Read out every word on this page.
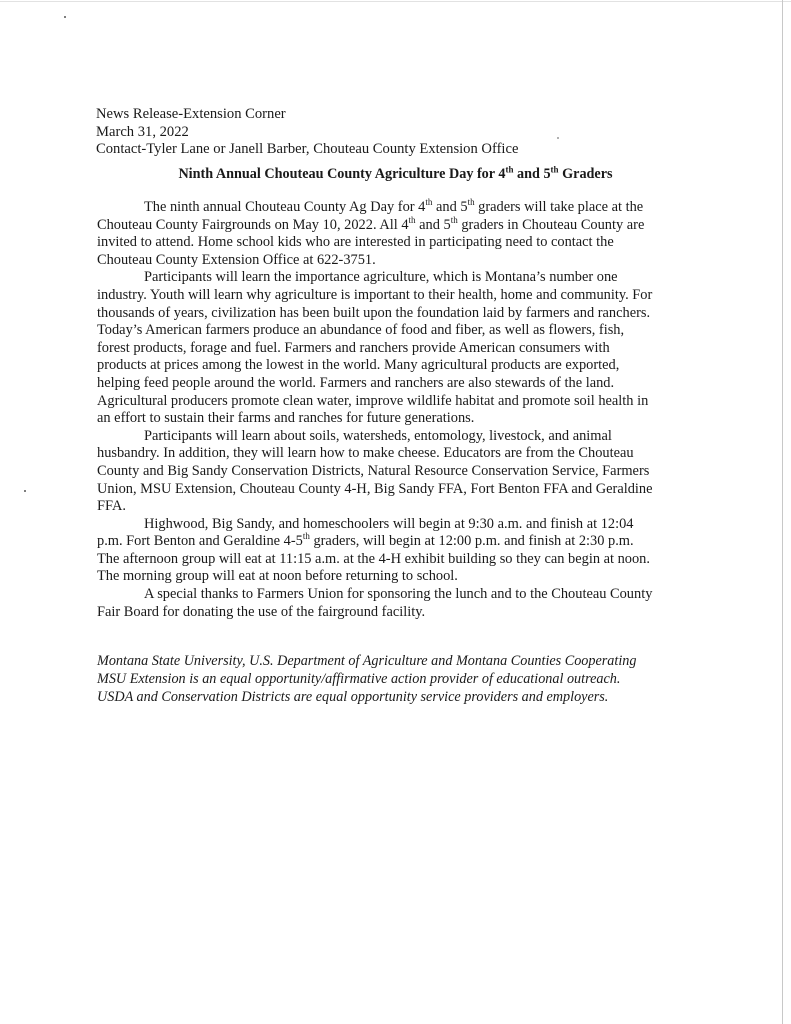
News Release-Extension Corner
March 31, 2022
Contact-Tyler Lane or Janell Barber, Chouteau County Extension Office
Ninth Annual Chouteau County Agriculture Day for 4th and 5th Graders
The ninth annual Chouteau County Ag Day for 4th and 5th graders will take place at the
Chouteau County Fairgrounds on May 10, 2022. All 4th and 5th graders in Chouteau County are
invited to attend. Home school kids who are interested in participating need to contact the
Chouteau County Extension Office at 622-3751.
Participants will learn the importance agriculture, which is Montana’s number one
industry. Youth will learn why agriculture is important to their health, home and community. For
thousands of years, civilization has been built upon the foundation laid by farmers and ranchers.
Today’s American farmers produce an abundance of food and fiber, as well as flowers, fish,
forest products, forage and fuel. Farmers and ranchers provide American consumers with
products at prices among the lowest in the world. Many agricultural products are exported,
helping feed people around the world. Farmers and ranchers are also stewards of the land.
Agricultural producers promote clean water, improve wildlife habitat and promote soil health in
an effort to sustain their farms and ranches for future generations.
Participants will learn about soils, watersheds, entomology, livestock, and animal
husbandry. In addition, they will learn how to make cheese. Educators are from the Chouteau
County and Big Sandy Conservation Districts, Natural Resource Conservation Service, Farmers
Union, MSU Extension, Chouteau County 4-H, Big Sandy FFA, Fort Benton FFA and Geraldine
FFA.
Highwood, Big Sandy, and homeschoolers will begin at 9:30 a.m. and finish at 12:04
p.m. Fort Benton and Geraldine 4-5th graders, will begin at 12:00 p.m. and finish at 2:30 p.m.
The afternoon group will eat at 11:15 a.m. at the 4-H exhibit building so they can begin at noon.
The morning group will eat at noon before returning to school.
A special thanks to Farmers Union for sponsoring the lunch and to the Chouteau County
Fair Board for donating the use of the fairground facility.
Montana State University, U.S. Department of Agriculture and Montana Counties Cooperating
MSU Extension is an equal opportunity/affirmative action provider of educational outreach.
USDA and Conservation Districts are equal opportunity service providers and employers.
